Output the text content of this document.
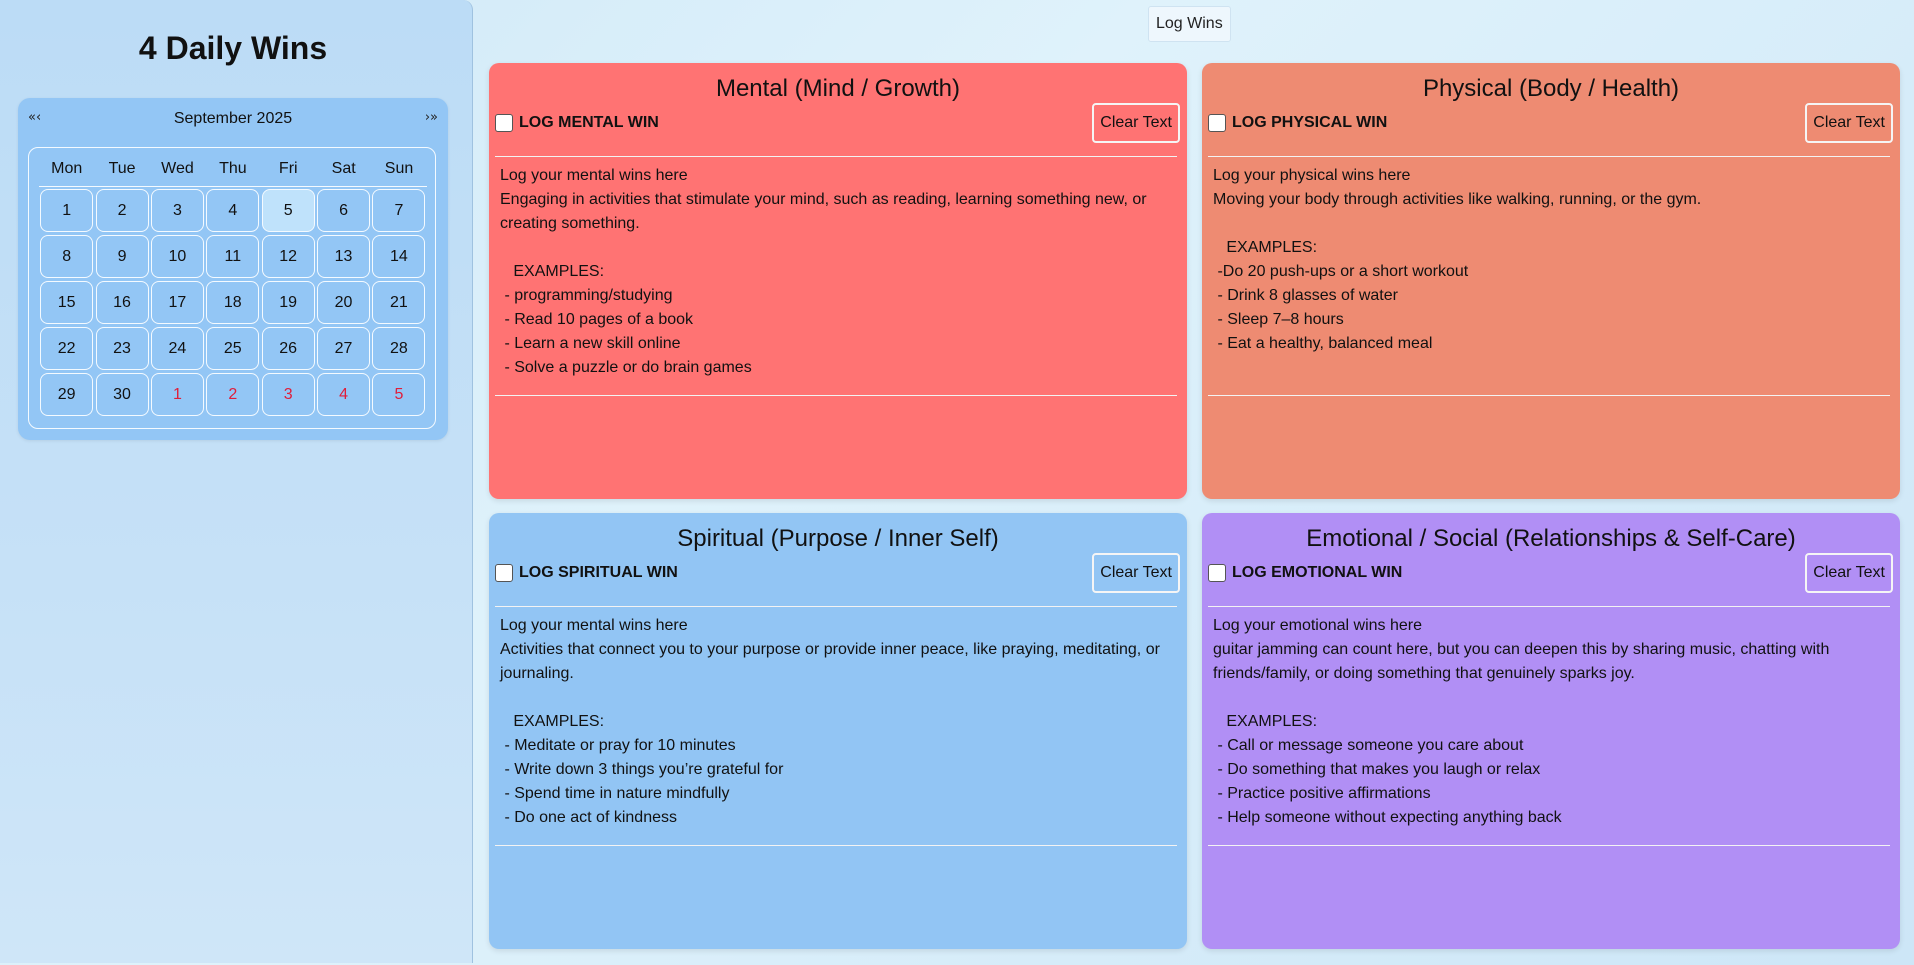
4 Daily Wins
«‹	September 2025	›»
Mon	Tue	Wed	Thu	Fri	Sat	Sun
1	2	3	4	5	6	7
8	9	10	11	12	13	14
15	16	17	18	19	20	21
22	23	24	25	26	27	28
29	30	1	2	3	4	5
Log Wins
Mental (Mind / Growth)
LOG MENTAL WIN	Clear Text
Log your mental wins here
Engaging in activities that stimulate your mind, such as reading, learning something new, or creating something.

EXAMPLES:
- programming/studying
- Read 10 pages of a book
- Learn a new skill online
- Solve a puzzle or do brain games
Physical (Body / Health)
LOG PHYSICAL WIN	Clear Text
Log your physical wins here
Moving your body through activities like walking, running, or the gym.

EXAMPLES:
-Do 20 push-ups or a short workout
- Drink 8 glasses of water
- Sleep 7–8 hours
- Eat a healthy, balanced meal
Spiritual (Purpose / Inner Self)
LOG SPIRITUAL WIN	Clear Text
Log your mental wins here
Activities that connect you to your purpose or provide inner peace, like praying, meditating, or journaling.

EXAMPLES:
- Meditate or pray for 10 minutes
- Write down 3 things you’re grateful for
- Spend time in nature mindfully
- Do one act of kindness
Emotional / Social (Relationships & Self-Care)
LOG EMOTIONAL WIN	Clear Text
Log your emotional wins here
guitar jamming can count here, but you can deepen this by sharing music, chatting with friends/family, or doing something that genuinely sparks joy.

EXAMPLES:
- Call or message someone you care about
- Do something that makes you laugh or relax
- Practice positive affirmations
- Help someone without expecting anything back
